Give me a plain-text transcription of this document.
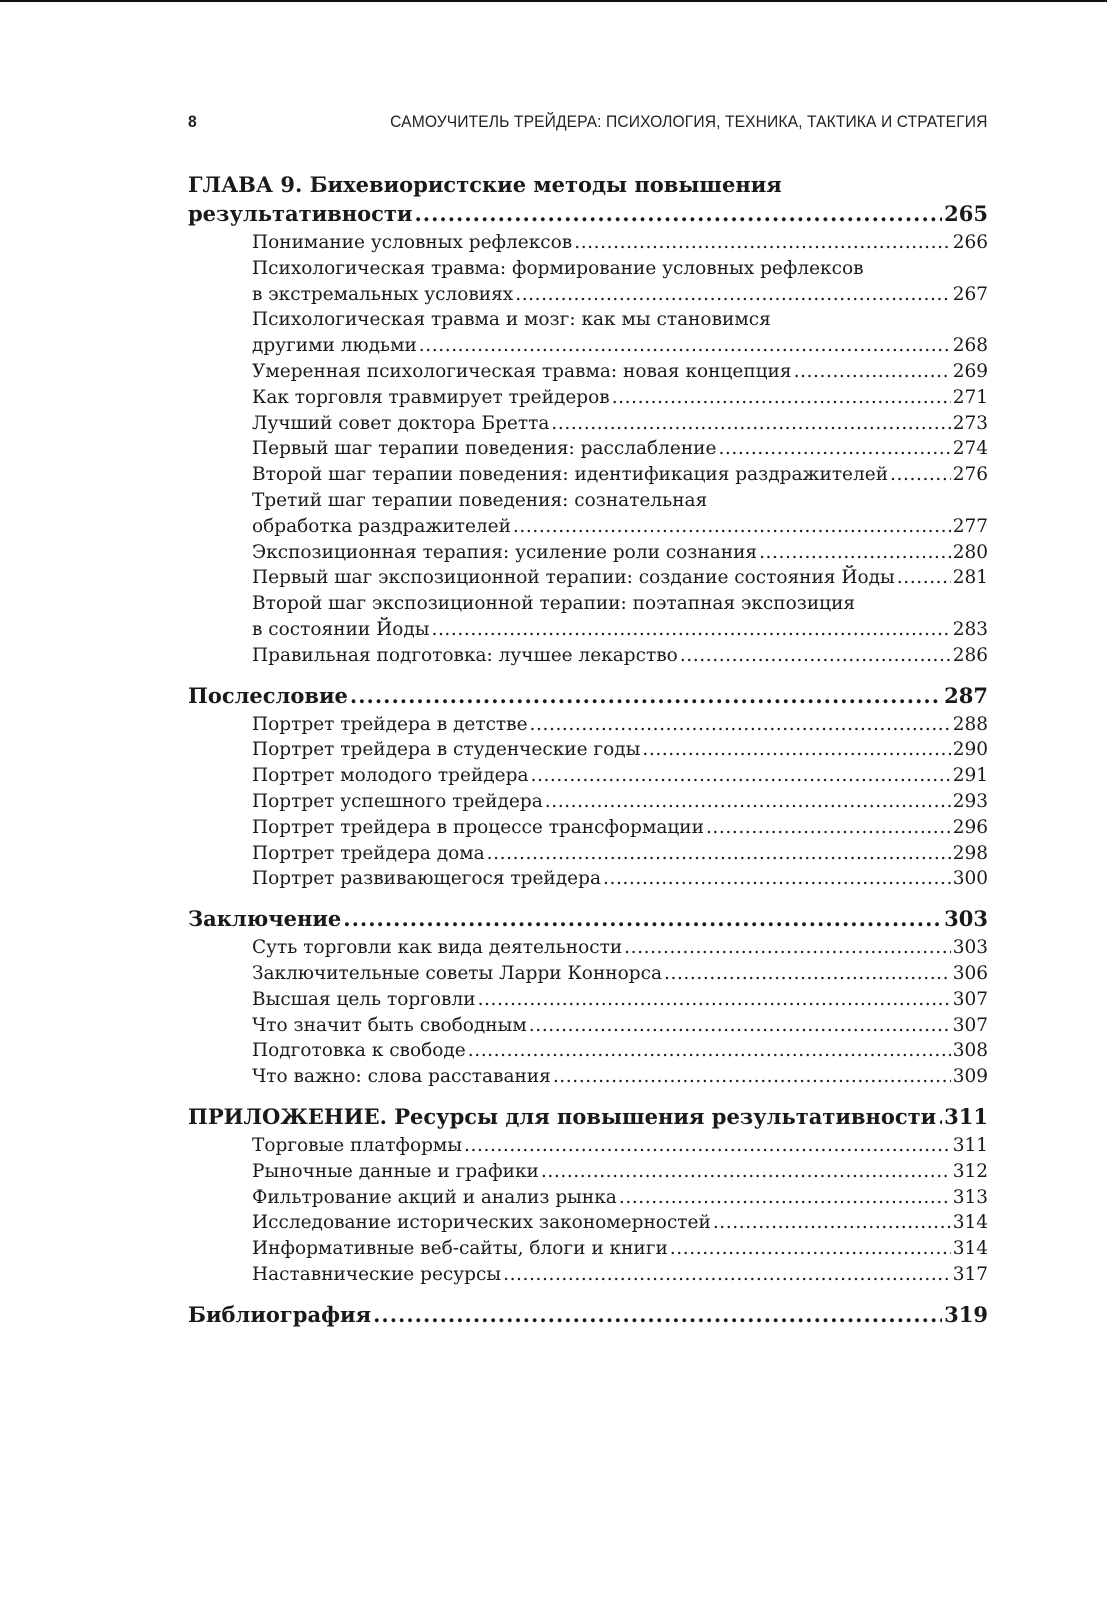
8	САМОУЧИТЕЛЬ ТРЕЙДЕРА: ПСИХОЛОГИЯ, ТЕХНИКА, ТАКТИКА И СТРАТЕГИЯ
ГЛАВА 9. Бихевиористские методы повышения
результативности .....	265
Понимание условных рефлексов .....	266
Психологическая травма: формирование условных рефлексов
в экстремальных условиях .....	267
Психологическая травма и мозг: как мы становимся
другими людьми .....	268
Умеренная психологическая травма: новая концепция .....	269
Как торговля травмирует трейдеров .....	271
Лучший совет доктора Бретта .....	273
Первый шаг терапии поведения: расслабление .....	274
Второй шаг терапии поведения: идентификация раздражителей .....	276
Третий шаг терапии поведения: сознательная
обработка раздражителей .....	277
Экспозиционная терапия: усиление роли сознания .....	280
Первый шаг экспозиционной терапии: создание состояния Йоды .....	281
Второй шаг экспозиционной терапии: поэтапная экспозиция
в состоянии Йоды .....	283
Правильная подготовка: лучшее лекарство .....	286
Послесловие .....	287
Портрет трейдера в детстве .....	288
Портрет трейдера в студенческие годы .....	290
Портрет молодого трейдера .....	291
Портрет успешного трейдера .....	293
Портрет трейдера в процессе трансформации .....	296
Портрет трейдера дома .....	298
Портрет развивающегося трейдера .....	300
Заключение .....	303
Суть торговли как вида деятельности .....	303
Заключительные советы Ларри Коннорса .....	306
Высшая цель торговли .....	307
Что значит быть свободным .....	307
Подготовка к свободе .....	308
Что важно: слова расставания .....	309
ПРИЛОЖЕНИЕ. Ресурсы для повышения результативности ..... 311
Торговые платформы .....	311
Рыночные данные и графики .....	312
Фильтрование акций и анализ рынка .....	313
Исследование исторических закономерностей .....	314
Информативные веб-сайты, блоги и книги .....	314
Наставнические ресурсы .....	317
Библиография .....	319
